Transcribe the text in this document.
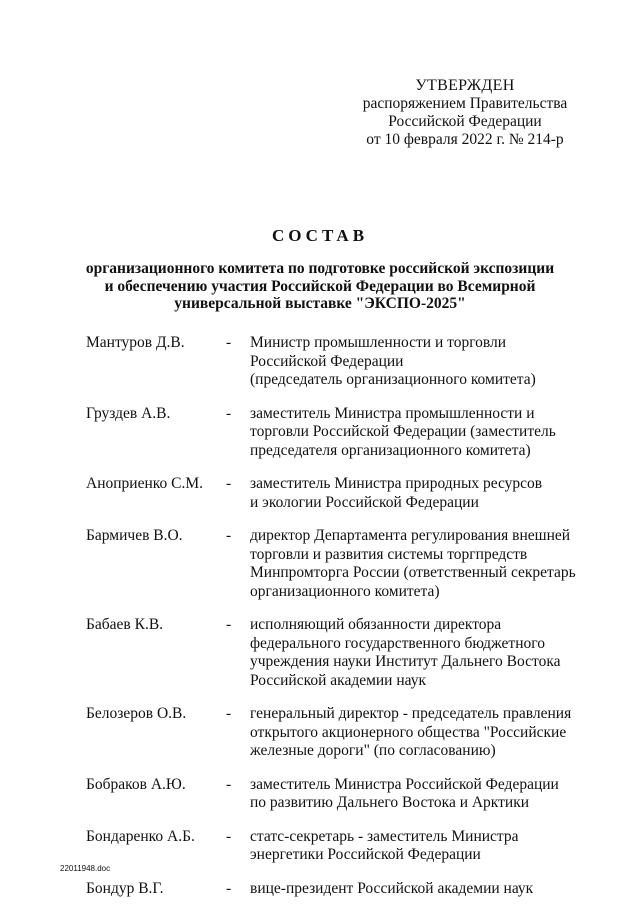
УТВЕРЖДЕН
распоряжением Правительства
Российской Федерации
от 10 февраля 2022 г. № 214-р
СОСТАВ
организационного комитета по подготовке российской экспозиции
и обеспечению участия Российской Федерации во Всемирной
универсальной выставке "ЭКСПО-2025"
Мантуров Д.В.	-	Министр промышленности и торговли
Российской Федерации
(председатель организационного комитета)
Груздев А.В.	-	заместитель Министра промышленности и
торговли Российской Федерации (заместитель
председателя организационного комитета)
Аноприенко С.М.	-	заместитель Министра природных ресурсов
и экологии Российской Федерации
Бармичев В.О.	-	директор Департамента регулирования внешней
торговли и развития системы торгпредств
Минпромторга России (ответственный секретарь
организационного комитета)
Бабаев К.В.	-	исполняющий обязанности директора
федерального государственного бюджетного
учреждения науки Институт Дальнего Востока
Российской академии наук
Белозеров О.В.	-	генеральный директор - председатель правления
открытого акционерного общества "Российские
железные дороги" (по согласованию)
Бобраков А.Ю.	-	заместитель Министра Российской Федерации
по развитию Дальнего Востока и Арктики
Бондаренко А.Б.	-	статс-секретарь - заместитель Министра
энергетики Российской Федерации
Бондур В.Г.	-	вице-президент Российской академии наук
22011948.doc
